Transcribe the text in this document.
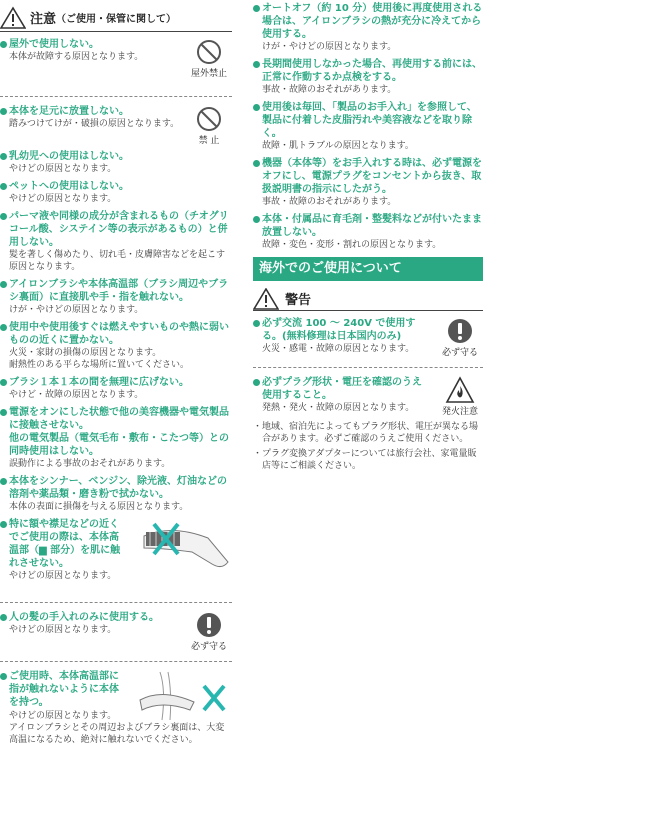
注意 （ご使用・保管に関して）
屋外で使用しない。
本体が故障する原因となります。
屋外禁止
本体を足元に放置しない。
踏みつけてけが・破損の原因となります。
禁 止
乳幼児への使用はしない。
やけどの原因となります。
ペットへの使用はしない。
やけどの原因となります。
パーマ液や同様の成分が含まれるもの（チオグリコール酸、システイン等の表示があるもの）と併用しない。
髪を著しく傷めたり、切れ毛・皮膚障害などを起こす原因となります。
アイロンブラシや本体高温部（ブラシ周辺やブラシ裏面）に直接肌や手・指を触れない。
けが・やけどの原因となります。
使用中や使用後すぐは燃えやすいものや熱に弱いものの近くに置かない。
火災・家財の損傷の原因となります。
耐熱性のある平らな場所に置いてください。
ブラシ１本１本の間を無理に広げない。
やけど・故障の原因となります。
電源をオンにした状態で他の美容機器や電気製品に接触させない。
他の電気製品（電気毛布・敷布・こたつ等）との同時使用はしない。
誤動作による事故のおそれがあります。
本体をシンナー、ベンジン、除光液、灯油などの溶剤や薬品類・磨き粉で拭かない。
本体の表面に損傷を与える原因となります。
特に額や襟足などの近くでご使用の際は、本体高温部（▆ 部分）を肌に触れさせない。
やけどの原因となります。
人の髪の手入れのみに使用する。
やけどの原因となります。
必ず守る
ご使用時、本体高温部に指が触れないように本体を持つ。
やけどの原因となります。
アイロンブラシとその周辺およびブラシ裏面は、大変高温になるため、絶対に触れないでください。
オートオフ（約 10 分）使用後に再度使用される場合は、アイロンブラシの熱が充分に冷えてから使用する。
けが・やけどの原因となります。
長期間使用しなかった場合、再使用する前には、正常に作動するか点検をする。
事故・故障のおそれがあります。
使用後は毎回、「製品のお手入れ」を参照して、製品に付着した皮脂汚れや美容液などを取り除く。
故障・肌トラブルの原因となります。
機器（本体等）をお手入れする時は、必ず電源をオフにし、電源プラグをコンセントから抜き、取扱説明書の指示にしたがう。
事故・故障のおそれがあります。
本体・付属品に育毛剤・整髪料などが付いたまま放置しない。
故障・変色・変形・割れの原因となります。
海外でのご使用について
警告
必ず交流 100 ～ 240V で使用する。(無料修理は日本国内のみ)
火災・感電・故障の原因となります。	必ず守る
必ずプラグ形状・電圧を確認のうえ使用すること。
発熱・発火・故障の原因となります。	発火注意
・ 地域、宿泊先によってもプラグ形状、電圧が異なる場合があります。必ずご確認のうえご使用ください。
・ プラグ変換アダプターについては旅行会社、家電量販店等にご相談ください。
